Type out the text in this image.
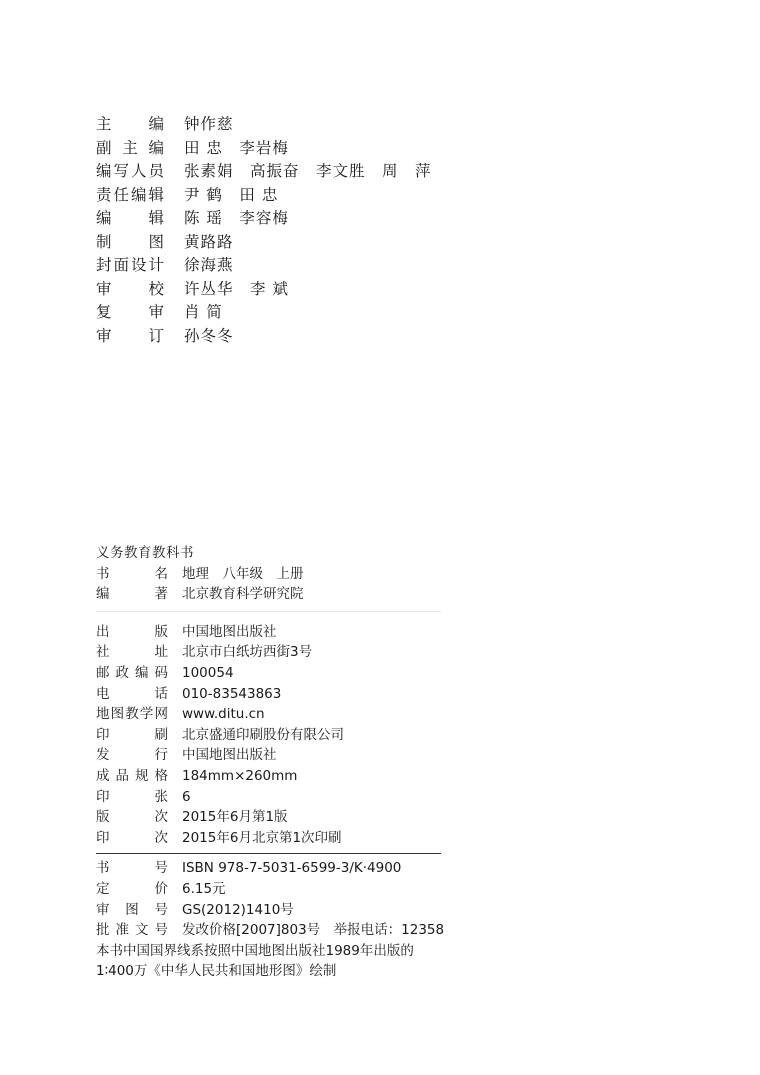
主编 钟作慈
副主编 田 忠　李岩梅
编写人员 张素娟　高振奋　李文胜　周　萍
责任编辑 尹 鹤　田 忠
编辑 陈 瑶　李容梅
制图 黄路路
封面设计 徐海燕
审校 许丛华　李 斌
复审 肖 简
审订 孙冬冬
义务教育教科书
书名 地理　八年级　上册
编著 北京教育科学研究院
出版 中国地图出版社
社址 北京市白纸坊西街3号
邮政编码 100054
电话 010-83543863
地图教学网 www.ditu.cn
印刷 北京盛通印刷股份有限公司
发行 中国地图出版社
成品规格 184mm×260mm
印张 6
版次 2015年6月第1版
印次 2015年6月北京第1次印刷
书号 ISBN 978-7-5031-6599-3/K·4900
定价 6.15元
审图号 GS(2012)1410号
批准文号 发改价格[2007]803号　举报电话：12358
本书中国国界线系按照中国地图出版社1989年出版的
1∶400万《中华人民共和国地形图》绘制
